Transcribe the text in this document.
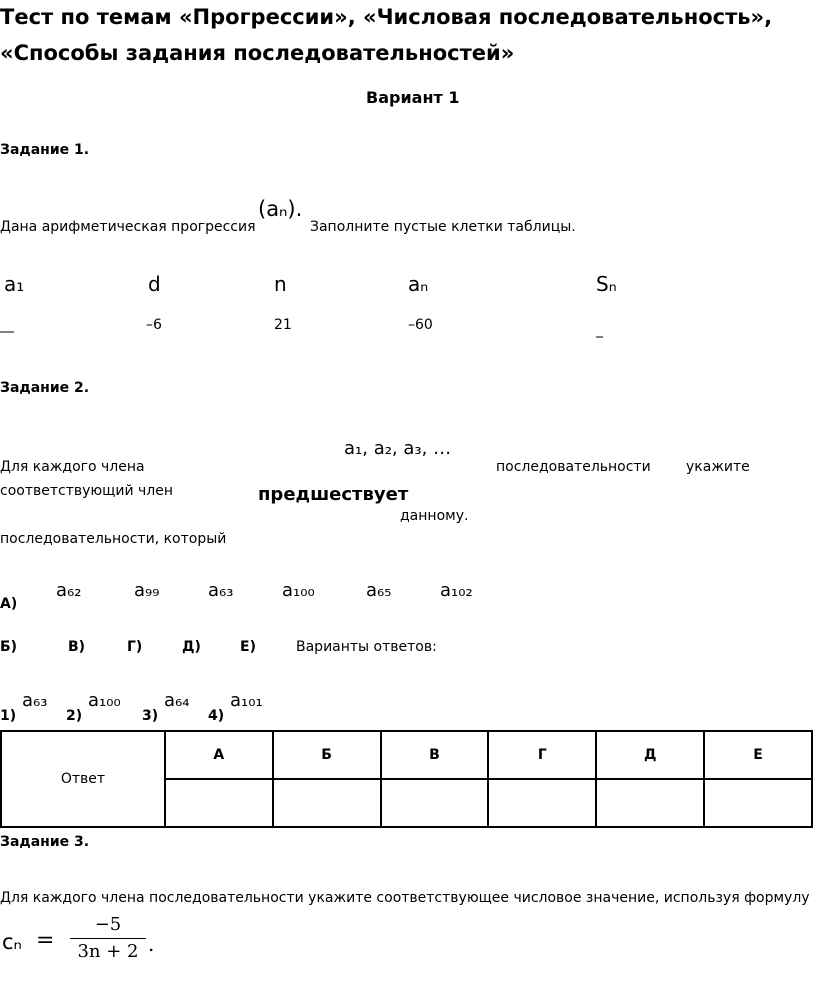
Тест по темам «Прогрессии», «Числовая последовательность»,
«Способы задания последовательностей»
Вариант 1
Задание 1.
Дана арифметическая прогрессия
(aₙ).
Заполните пустые клетки таблицы.
a₁	d	n	aₙ	Sₙ
__	–6	21	–60	_
Задание 2.
a₁, a₂, a₃, …
Для каждого члена	последовательности	укажите
соответствующий член	предшествует
данному.
последовательности, который
a₆₂	a₉₉	a₆₃	a₁₀₀	a₆₅	a₁₀₂
А)
Б)	В)	Г)	Д)	Е)	Варианты ответов:
1)
a₆₃
2)
a₁₀₀
3)
a₆₄
4)
a₁₀₁
Ответ	А	Б	В	Г	Д	Е

Задание 3.
Для каждого члена последовательности укажите соответствующее числовое значение, используя формулу
cₙ =
−5
3n + 2 .
